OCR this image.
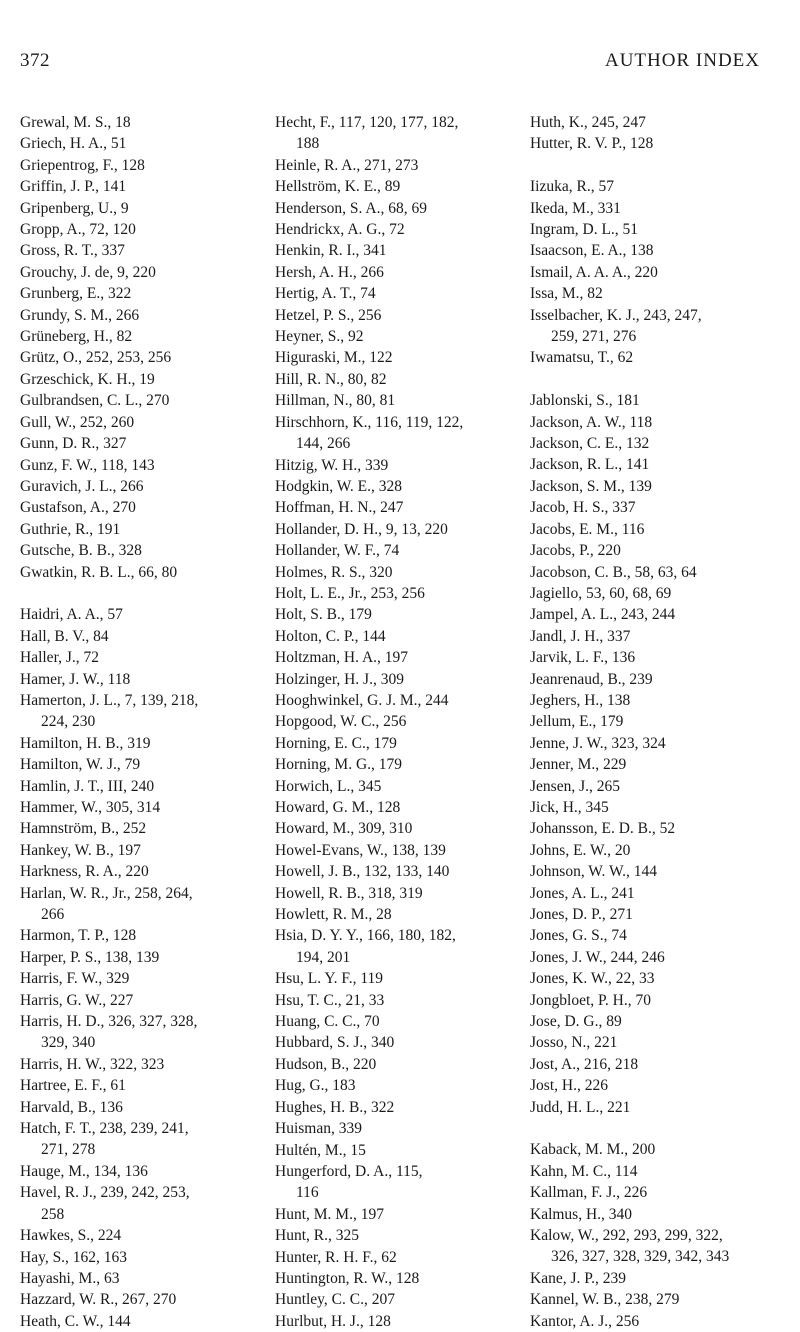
372	AUTHOR INDEX
Grewal, M. S., 18
Griech, H. A., 51
Griepentrog, F., 128
Griffin, J. P., 141
Gripenberg, U., 9
Gropp, A., 72, 120
Gross, R. T., 337
Grouchy, J. de, 9, 220
Grunberg, E., 322
Grundy, S. M., 266
Grüneberg, H., 82
Grütz, O., 252, 253, 256
Grzeschick, K. H., 19
Gulbrandsen, C. L., 270
Gull, W., 252, 260
Gunn, D. R., 327
Gunz, F. W., 118, 143
Guravich, J. L., 266
Gustafson, A., 270
Guthrie, R., 191
Gutsche, B. B., 328
Gwatkin, R. B. L., 66, 80
Haidri, A. A., 57
Hall, B. V., 84
Haller, J., 72
Hamer, J. W., 118
Hamerton, J. L., 7, 139, 218,
224, 230
Hamilton, H. B., 319
Hamilton, W. J., 79
Hamlin, J. T., III, 240
Hammer, W., 305, 314
Hamnström, B., 252
Hankey, W. B., 197
Harkness, R. A., 220
Harlan, W. R., Jr., 258, 264,
266
Harmon, T. P., 128
Harper, P. S., 138, 139
Harris, F. W., 329
Harris, G. W., 227
Harris, H. D., 326, 327, 328,
329, 340
Harris, H. W., 322, 323
Hartree, E. F., 61
Harvald, B., 136
Hatch, F. T., 238, 239, 241,
271, 278
Hauge, M., 134, 136
Havel, R. J., 239, 242, 253,
258
Hawkes, S., 224
Hay, S., 162, 163
Hayashi, M., 63
Hazzard, W. R., 267, 270
Heath, C. W., 144
Hecht, F., 117, 120, 177, 182,
188
Heinle, R. A., 271, 273
Hellström, K. E., 89
Henderson, S. A., 68, 69
Hendrickx, A. G., 72
Henkin, R. I., 341
Hersh, A. H., 266
Hertig, A. T., 74
Hetzel, P. S., 256
Heyner, S., 92
Higuraski, M., 122
Hill, R. N., 80, 82
Hillman, N., 80, 81
Hirschhorn, K., 116, 119, 122,
144, 266
Hitzig, W. H., 339
Hodgkin, W. E., 328
Hoffman, H. N., 247
Hollander, D. H., 9, 13, 220
Hollander, W. F., 74
Holmes, R. S., 320
Holt, L. E., Jr., 253, 256
Holt, S. B., 179
Holton, C. P., 144
Holtzman, H. A., 197
Holzinger, H. J., 309
Hooghwinkel, G. J. M., 244
Hopgood, W. C., 256
Horning, E. C., 179
Horning, M. G., 179
Horwich, L., 345
Howard, G. M., 128
Howard, M., 309, 310
Howel-Evans, W., 138, 139
Howell, J. B., 132, 133, 140
Howell, R. B., 318, 319
Howlett, R. M., 28
Hsia, D. Y. Y., 166, 180, 182,
194, 201
Hsu, L. Y. F., 119
Hsu, T. C., 21, 33
Huang, C. C., 70
Hubbard, S. J., 340
Hudson, B., 220
Hug, G., 183
Hughes, H. B., 322
Huisman, 339
Hultén, M., 15
Hungerford, D. A., 115,
116
Hunt, M. M., 197
Hunt, R., 325
Hunter, R. H. F., 62
Huntington, R. W., 128
Huntley, C. C., 207
Hurlbut, H. J., 128
Huth, K., 245, 247
Hutter, R. V. P., 128
Iizuka, R., 57
Ikeda, M., 331
Ingram, D. L., 51
Isaacson, E. A., 138
Ismail, A. A. A., 220
Issa, M., 82
Isselbacher, K. J., 243, 247,
259, 271, 276
Iwamatsu, T., 62
Jablonski, S., 181
Jackson, A. W., 118
Jackson, C. E., 132
Jackson, R. L., 141
Jackson, S. M., 139
Jacob, H. S., 337
Jacobs, E. M., 116
Jacobs, P., 220
Jacobson, C. B., 58, 63, 64
Jagiello, 53, 60, 68, 69
Jampel, A. L., 243, 244
Jandl, J. H., 337
Jarvik, L. F., 136
Jeanrenaud, B., 239
Jeghers, H., 138
Jellum, E., 179
Jenne, J. W., 323, 324
Jenner, M., 229
Jensen, J., 265
Jick, H., 345
Johansson, E. D. B., 52
Johns, E. W., 20
Johnson, W. W., 144
Jones, A. L., 241
Jones, D. P., 271
Jones, G. S., 74
Jones, J. W., 244, 246
Jones, K. W., 22, 33
Jongbloet, P. H., 70
Jose, D. G., 89
Josso, N., 221
Jost, A., 216, 218
Jost, H., 226
Judd, H. L., 221
Kaback, M. M., 200
Kahn, M. C., 114
Kallman, F. J., 226
Kalmus, H., 340
Kalow, W., 292, 293, 299, 322,
326, 327, 328, 329, 342, 343
Kane, J. P., 239
Kannel, W. B., 238, 279
Kantor, A. J., 256
